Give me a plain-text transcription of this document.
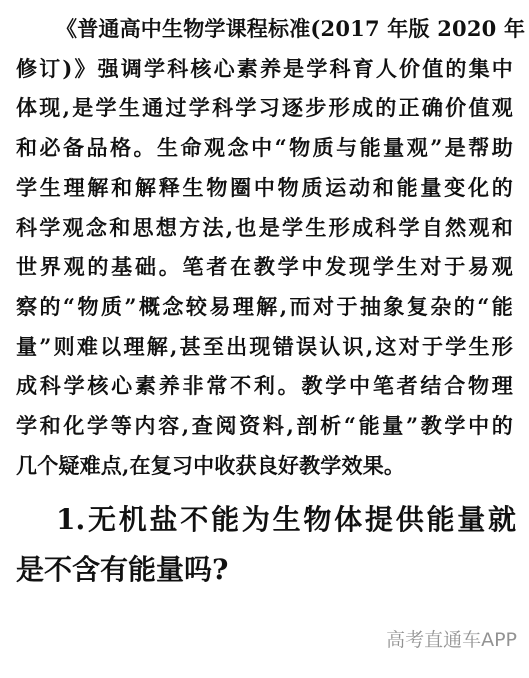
《普通高中生物学课程标准(2017 年版 2020 年
修订)》强调学科核心素养是学科育人价值的集中
体现,是学生通过学科学习逐步形成的正确价值观
和必备品格。生命观念中“物质与能量观”是帮助
学生理解和解释生物圈中物质运动和能量变化的
科学观念和思想方法,也是学生形成科学自然观和
世界观的基础。笔者在教学中发现学生对于易观
察的“物质”概念较易理解,而对于抽象复杂的“能
量”则难以理解,甚至出现错误认识,这对于学生形
成科学核心素养非常不利。教学中笔者结合物理
学和化学等内容,查阅资料,剖析“能量”教学中的
几个疑难点,在复习中收获良好教学效果。
1.无机盐不能为生物体提供能量就
是不含有能量吗?
高考直通车APP
